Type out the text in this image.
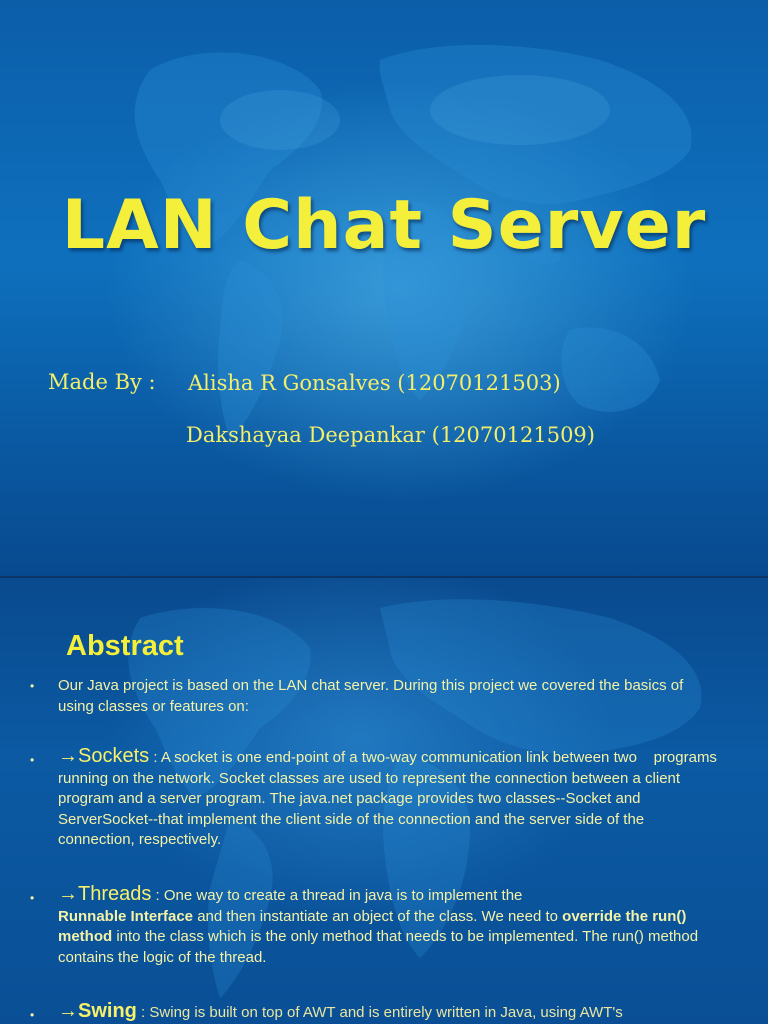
LAN Chat Server
Made By : Alisha R Gonsalves (12070121503)
Dakshayaa Deepankar (12070121509)
Abstract
• Our Java project is based on the LAN chat server. During this project we covered the basics of using classes or features on:
• →Sockets : A socket is one end-point of a two-way communication link between two    programs running on the network. Socket classes are used to represent the connection between a client program and a server program. The java.net package provides two classes--Socket and ServerSocket--that implement the client side of the connection and the server side of the connection, respectively.
• →Threads : One way to create a thread in java is to implement the
Runnable Interface and then instantiate an object of the class. We need to override the run() method into the class which is the only method that needs to be implemented. The run() method contains the logic of the thread.
• →Swing : Swing is built on top of AWT and is entirely written in Java, using AWT's
